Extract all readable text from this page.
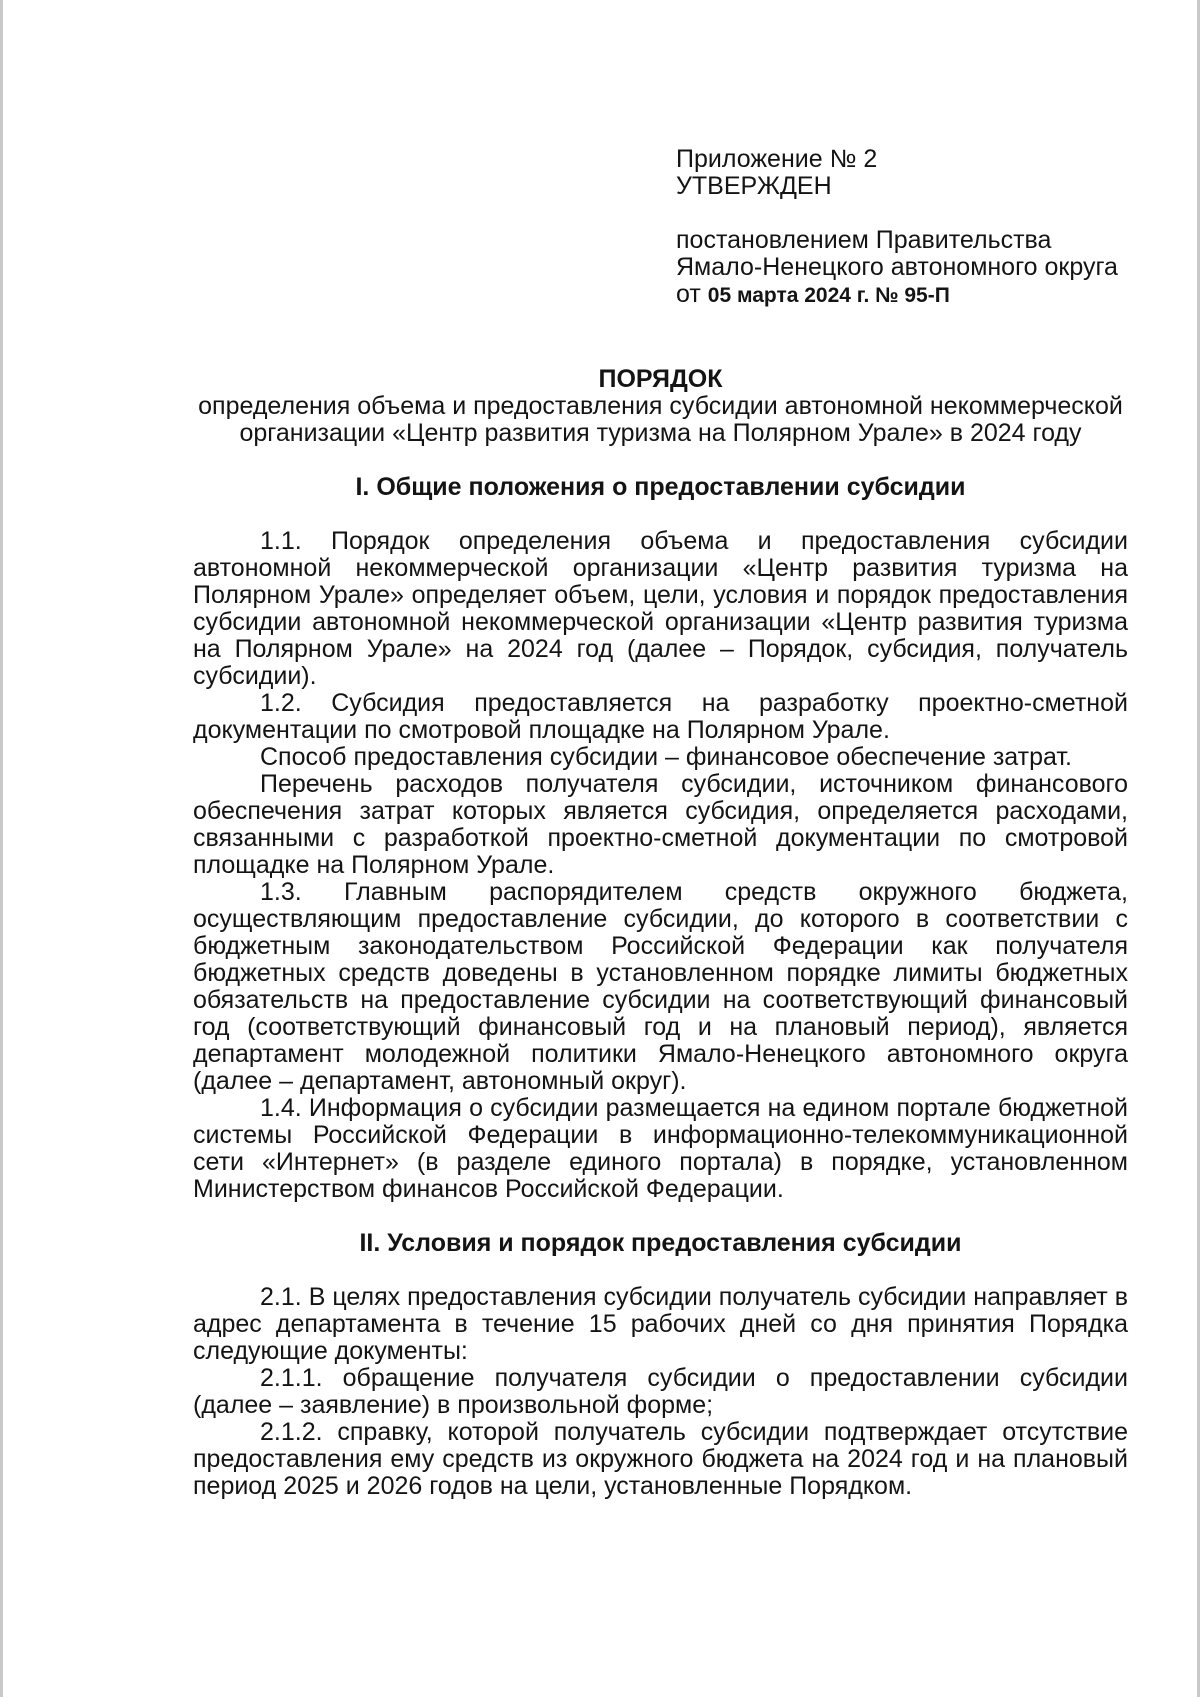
Приложение № 2
УТВЕРЖДЕН
постановлением Правительства
Ямало-Ненецкого автономного округа
от 05 марта 2024 г. № 95-П

ПОРЯДОК

определения объема и предоставления субсидии автономной некоммерческой организации «Центр развития туризма на Полярном Урале» в 2024 году

I. Общие положения о предоставлении субсидии

1.1. Порядок определения объема и предоставления субсидии автономной некоммерческой организации «Центр развития туризма на Полярном Урале» определяет объем, цели, условия и порядок предоставления субсидии автономной некоммерческой организации «Центр развития туризма на Полярном Урале» на 2024 год (далее – Порядок, субсидия, получатель субсидии).

1.2. Субсидия предоставляется на разработку проектно-сметной документации по смотровой площадке на Полярном Урале.

Способ предоставления субсидии – финансовое обеспечение затрат.

Перечень расходов получателя субсидии, источником финансового обеспечения затрат которых является субсидия, определяется расходами, связанными с разработкой проектно-сметной документации по смотровой площадке на Полярном Урале.

1.3. Главным распорядителем средств окружного бюджета, осуществляющим предоставление субсидии, до которого в соответствии с бюджетным законодательством Российской Федерации как получателя бюджетных средств доведены в установленном порядке лимиты бюджетных обязательств на предоставление субсидии на соответствующий финансовый год (соответствующий финансовый год и на плановый период), является департамент молодежной политики Ямало-Ненецкого автономного округа (далее – департамент, автономный округ).

1.4. Информация о субсидии размещается на едином портале бюджетной системы Российской Федерации в информационно-телекоммуникационной сети «Интернет» (в разделе единого портала) в порядке, установленном Министерством финансов Российской Федерации.

II. Условия и порядок предоставления субсидии

2.1. В целях предоставления субсидии получатель субсидии направляет в адрес департамента в течение 15 рабочих дней со дня принятия Порядка следующие документы:

2.1.1. обращение получателя субсидии о предоставлении субсидии (далее – заявление) в произвольной форме;

2.1.2. справку, которой получатель субсидии подтверждает отсутствие предоставления ему средств из окружного бюджета на 2024 год и на плановый период 2025 и 2026 годов на цели, установленные Порядком.
